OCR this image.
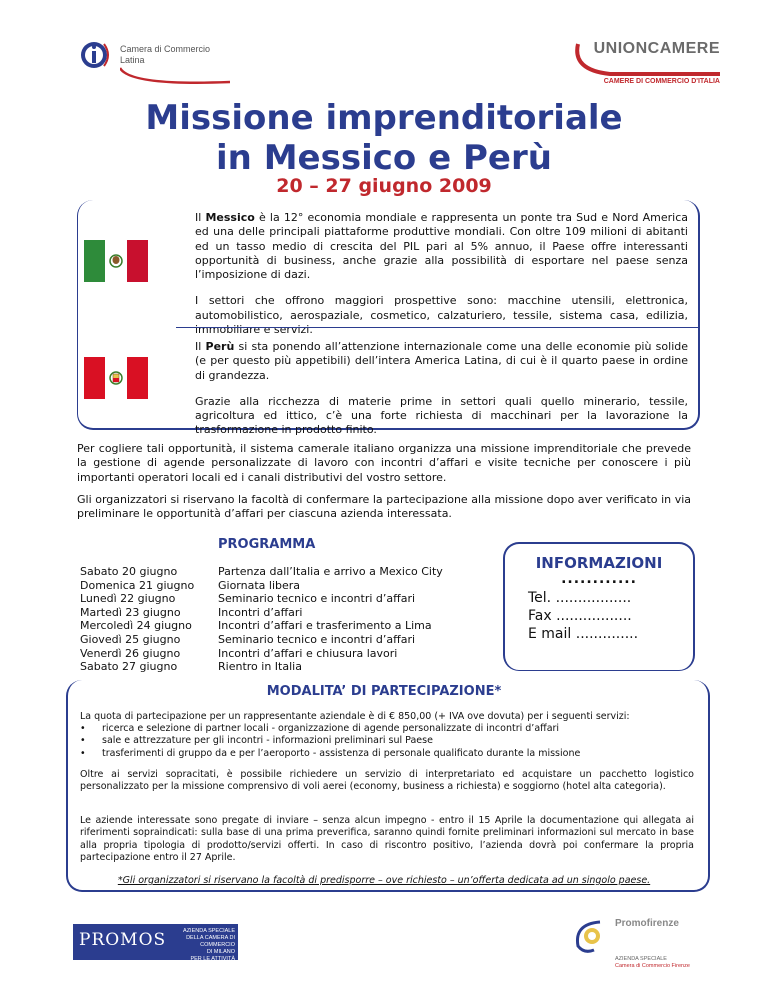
Camera di Commercio
Latina
UNIONCAMERE
CAMERE DI COMMERCIO D'ITALIA
Missione imprenditoriale
in Messico e Perù
20 – 27 giugno 2009

Il Messico è la 12° economia mondiale e rappresenta un ponte tra Sud e Nord America ed una delle principali piattaforme produttive mondiali. Con oltre 109 milioni di abitanti ed un tasso medio di crescita del PIL pari al 5% annuo, il Paese offre interessanti opportunità di business, anche grazie alla possibilità di esportare nel paese senza l’imposizione di dazi.

I settori che offrono maggiori prospettive sono: macchine utensili, elettronica, automobilistico, aerospaziale, cosmetico, calzaturiero, tessile, sistema casa, edilizia, immobiliare e servizi.

Il Perù si sta ponendo all’attenzione internazionale come una delle economie più solide (e per questo più appetibili) dell’intera America Latina, di cui è il quarto paese in ordine di grandezza.

Grazie alla ricchezza di materie prime in settori quali quello minerario, tessile, agricoltura ed ittico, c’è una forte richiesta di macchinari per la lavorazione la trasformazione in prodotto finito.

Per cogliere tali opportunità, il sistema camerale italiano organizza una missione imprenditoriale che prevede la gestione di agende personalizzate di lavoro con incontri d’affari e visite tecniche per conoscere i più importanti operatori locali ed i canali distributivi del vostro settore.

Gli organizzatori si riservano la facoltà di confermare la partecipazione alla missione dopo aver verificato in via preliminare le opportunità d’affari per ciascuna azienda interessata.

PROGRAMMA
Sabato 20 giugno
Domenica 21 giugno
Lunedì 22 giugno
Martedì 23 giugno
Mercoledì 24 giugno
Giovedì 25 giugno
Venerdì 26 giugno
Sabato 27 giugno
Partenza dall’Italia e arrivo a Mexico City
Giornata libera
Seminario tecnico e incontri d’affari
Incontri d’affari
Incontri d’affari e trasferimento a Lima
Seminario tecnico e incontri d’affari
Incontri d’affari e chiusura lavori
Rientro in Italia
INFORMAZIONI
............
Tel. .................
Fax .................
E mail ..............
MODALITA’ DI PARTECIPAZIONE*

La quota di partecipazione per un rappresentante aziendale è di € 850,00 (+ IVA ove dovuta) per i seguenti servizi:

• ricerca e selezione di partner locali - organizzazione di agende personalizzate di incontri d’affari
• sale e attrezzature per gli incontri - informazioni preliminari sul Paese
• trasferimenti di gruppo da e per l’aeroporto - assistenza di personale qualificato durante la missione

Oltre ai servizi sopracitati, è possibile richiedere un servizio di interpretariato ed acquistare un pacchetto logistico personalizzato per la missione comprensivo di voli aerei (economy, business a richiesta) e soggiorno (hotel alta categoria).

Le aziende interessate sono pregate di inviare – senza alcun impegno - entro il 15 Aprile la documentazione qui allegata ai riferimenti sopraindicati: sulla base di una prima preverifica, saranno quindi fornite preliminari informazioni sul mercato in base alla propria tipologia di prodotto/servizi offerti. In caso di riscontro positivo, l’azienda dovrà poi confermare la propria partecipazione entro il 27 Aprile.

*Gli organizzatori si riservano la facoltà di predisporre – ove richiesto – un’offerta dedicata ad un singolo paese.
PROMOS	AZIENDA SPECIALE
DELLA CAMERA DI COMMERCIO
DI MILANO
PER LE ATTIVITÀ INTERNAZIONALI
Promofirenze
AZIENDA SPECIALE
Camera di Commercio Firenze
